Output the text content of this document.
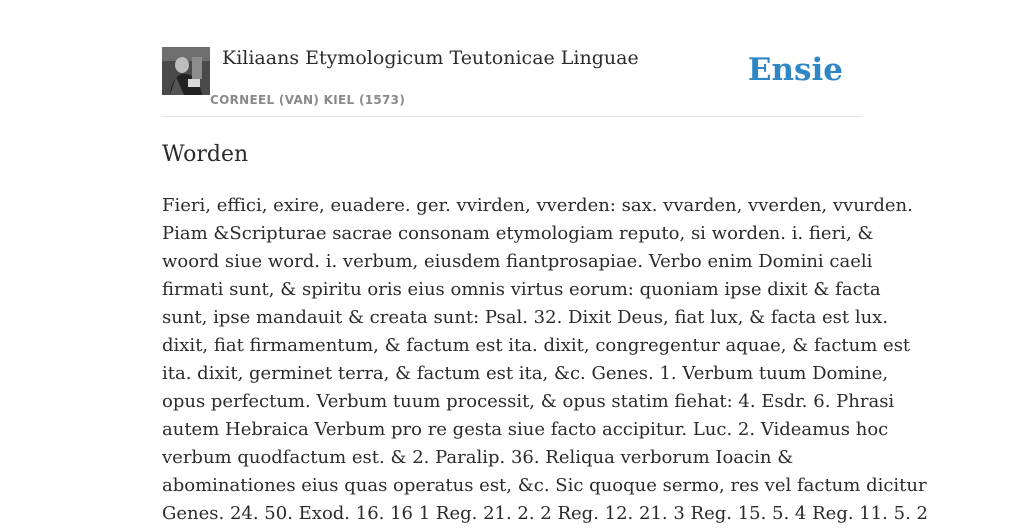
Kiliaans Etymologicum Teutonicae Linguae
CORNEEL (VAN) KIEL (1573)
Ensie
Worden
Fieri, effici, exire, euadere. ger. vvirden, vverden: sax. vvarden, vverden, vvurden.
Piam &Scripturae sacrae consonam etymologiam reputo, si worden. i. fieri, &
woord siue word. i. verbum, eiusdem fiantprosapiae. Verbo enim Domini caeli
firmati sunt, & spiritu oris eius omnis virtus eorum: quoniam ipse dixit & facta
sunt, ipse mandauit & creata sunt: Psal. 32. Dixit Deus, fiat lux, & facta est lux.
dixit, fiat firmamentum, & factum est ita. dixit, congregentur aquae, & factum est
ita. dixit, germinet terra, & factum est ita, &c. Genes. 1. Verbum tuum Domine,
opus perfectum. Verbum tuum processit, & opus statim fiehat: 4. Esdr. 6. Phrasi
autem Hebraica Verbum pro re gesta siue facto accipitur. Luc. 2. Videamus hoc
verbum quodfactum est. & 2. Paralip. 36. Reliqua verborum Ioacin &
abominationes eius quas operatus est, &c. Sic quoque sermo, res vel factum dicitur
Genes. 24. 50. Exod. 16. 16 1 Reg. 21. 2. 2 Reg. 12. 21. 3 Reg. 15. 5. 4 Reg. 11. 5. 2
